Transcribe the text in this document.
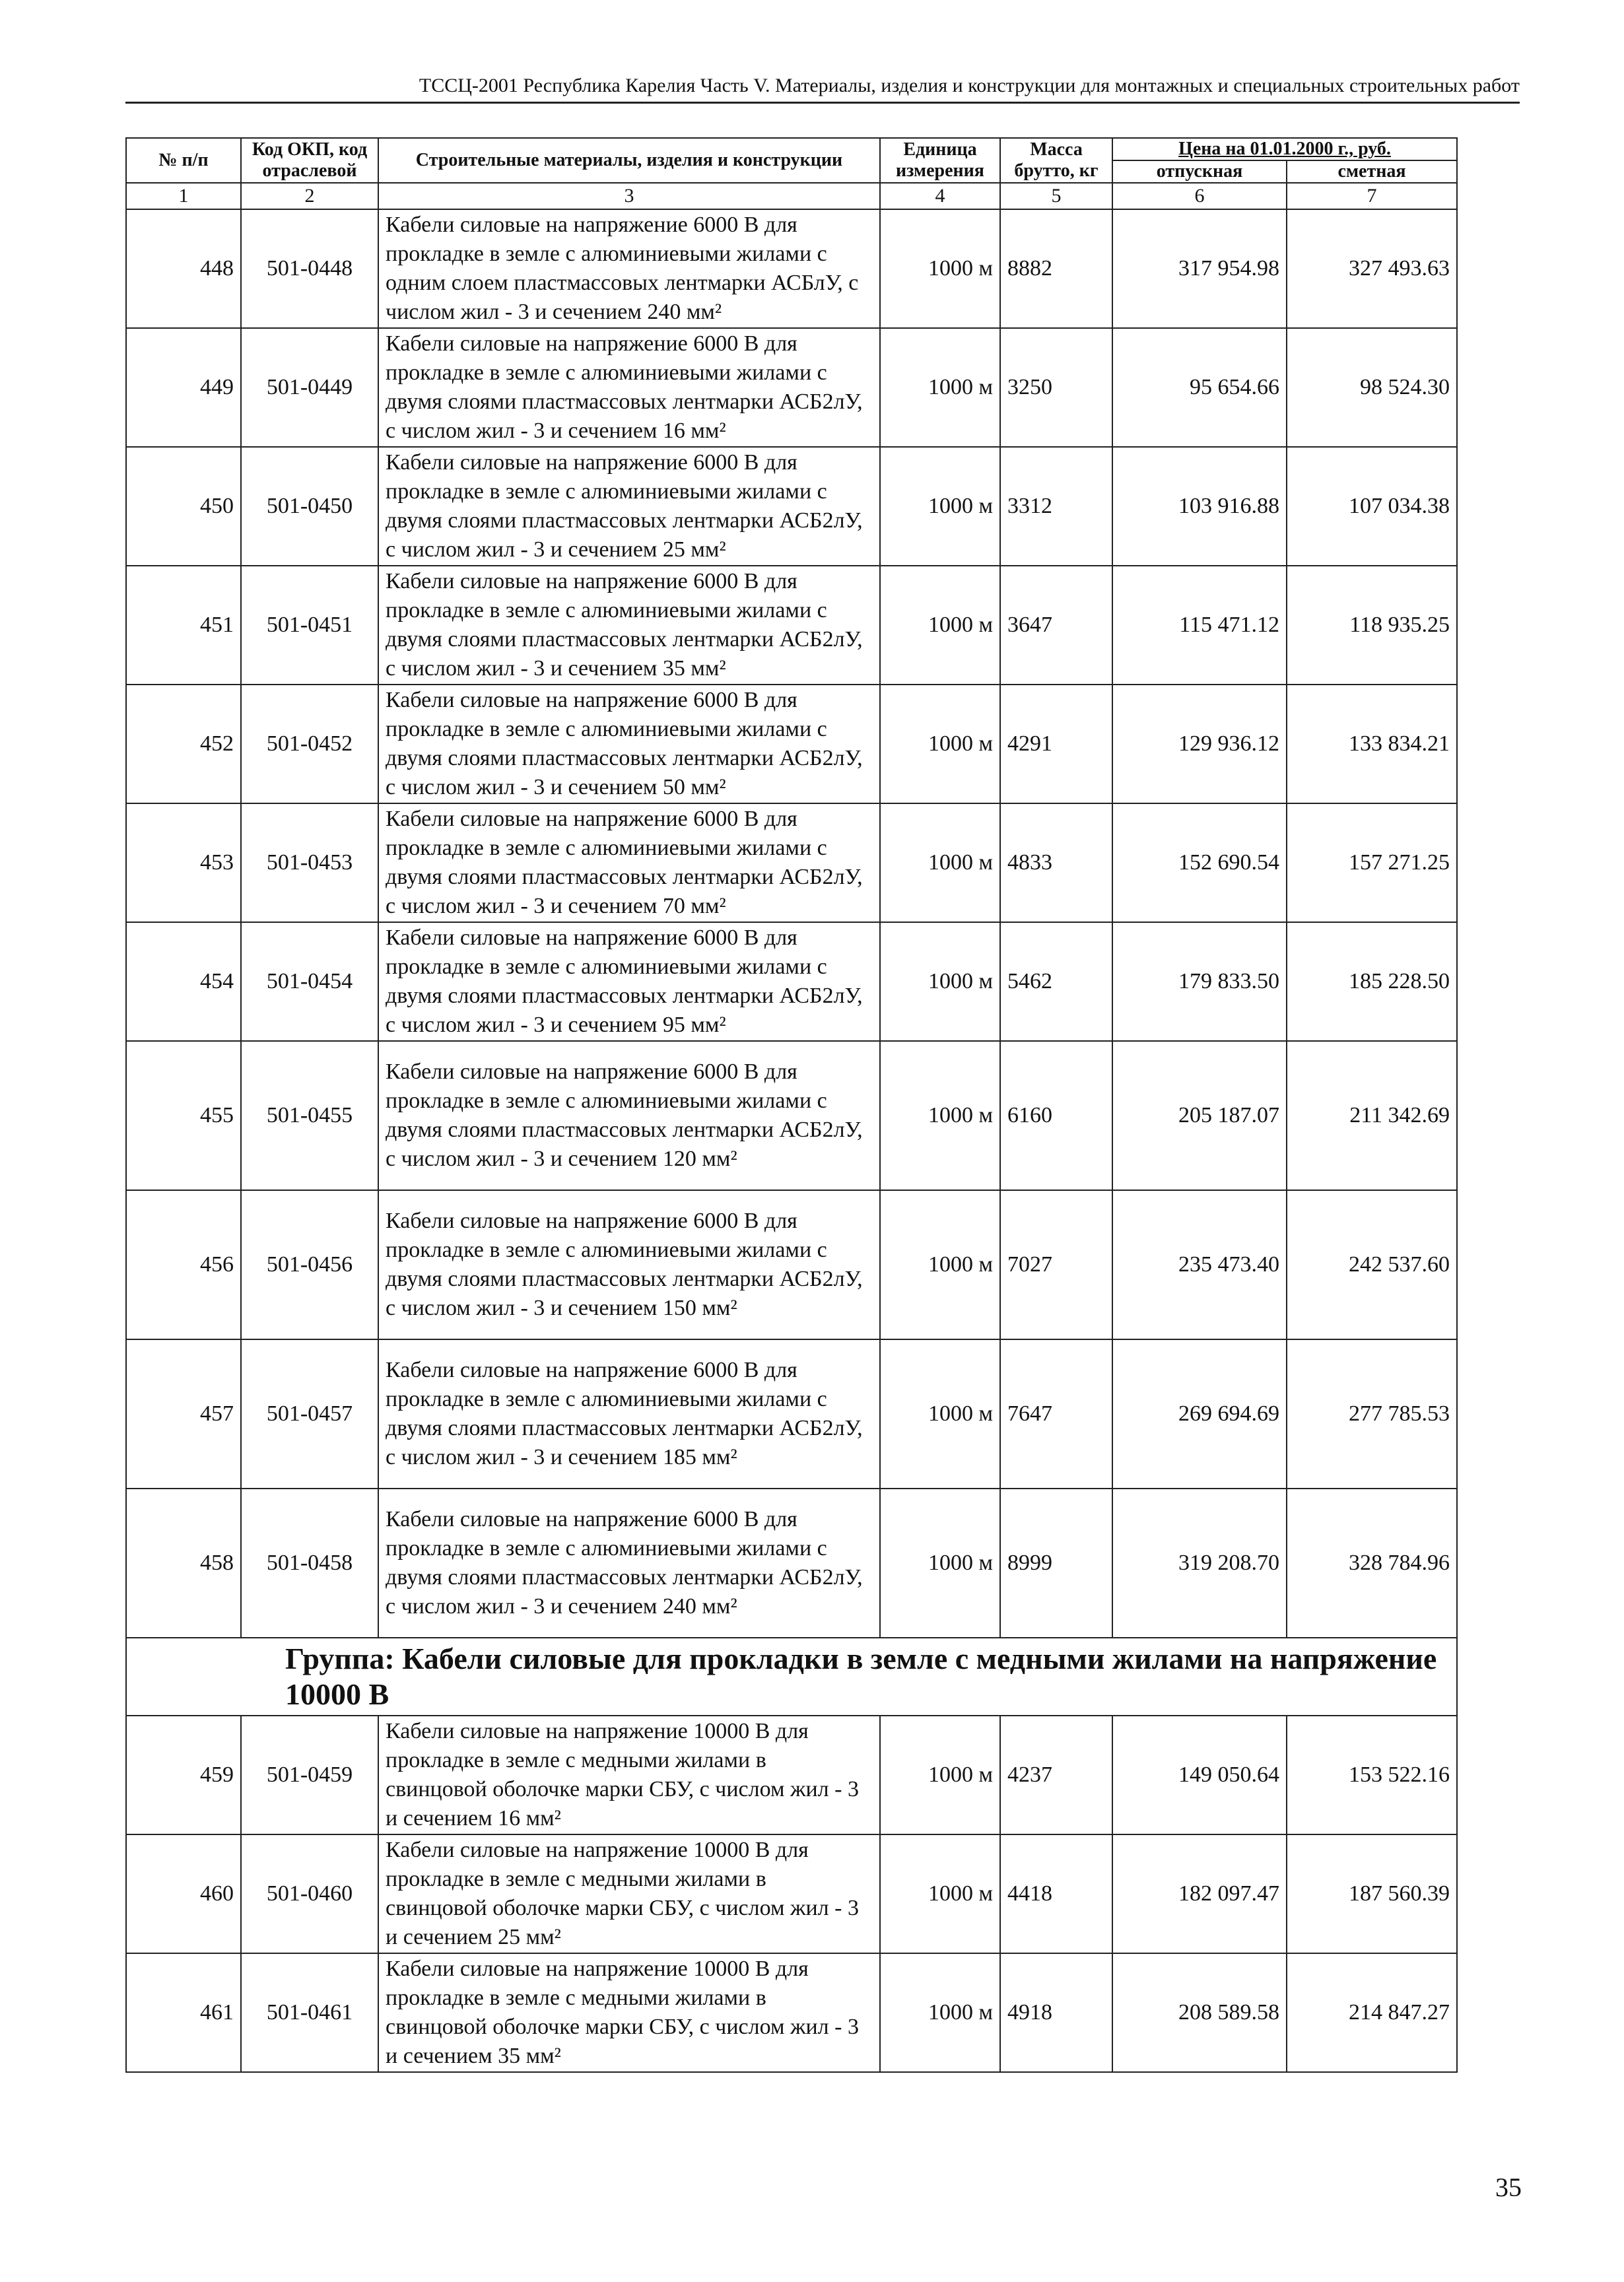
ТССЦ-2001 Республика Карелия Часть V. Материалы, изделия и конструкции для монтажных и специальных строительных работ
№ п/п	Код ОКП, код отраслевой	Строительные материалы, изделия и конструкции	Единица измерения	Масса брутто, кг	Цена на 01.01.2000 г., руб.	
					отпускная	сметная
1	2	3	4	5	6	7
448	501-0448	Кабели силовые на напряжение 6000 В для прокладке в земле с алюминиевыми жилами с одним слоем пластмассовых лентмарки АСБлУ, с числом жил - 3 и сечением 240 мм²	1000 м	8882	317 954.98	327 493.63
449	501-0449	Кабели силовые на напряжение 6000 В для прокладке в земле с алюминиевыми жилами с двумя слоями пластмассовых лентмарки АСБ2лУ, с числом жил - 3 и сечением 16 мм²	1000 м	3250	95 654.66	98 524.30
450	501-0450	Кабели силовые на напряжение 6000 В для прокладке в земле с алюминиевыми жилами с двумя слоями пластмассовых лентмарки АСБ2лУ, с числом жил - 3 и сечением 25 мм²	1000 м	3312	103 916.88	107 034.38
451	501-0451	Кабели силовые на напряжение 6000 В для прокладке в земле с алюминиевыми жилами с двумя слоями пластмассовых лентмарки АСБ2лУ, с числом жил - 3 и сечением 35 мм²	1000 м	3647	115 471.12	118 935.25
452	501-0452	Кабели силовые на напряжение 6000 В для прокладке в земле с алюминиевыми жилами с двумя слоями пластмассовых лентмарки АСБ2лУ, с числом жил - 3 и сечением 50 мм²	1000 м	4291	129 936.12	133 834.21
453	501-0453	Кабели силовые на напряжение 6000 В для прокладке в земле с алюминиевыми жилами с двумя слоями пластмассовых лентмарки АСБ2лУ, с числом жил - 3 и сечением 70 мм²	1000 м	4833	152 690.54	157 271.25
454	501-0454	Кабели силовые на напряжение 6000 В для прокладке в земле с алюминиевыми жилами с двумя слоями пластмассовых лентмарки АСБ2лУ, с числом жил - 3 и сечением 95 мм²	1000 м	5462	179 833.50	185 228.50
455	501-0455	Кабели силовые на напряжение 6000 В для прокладке в земле с алюминиевыми жилами с двумя слоями пластмассовых лентмарки АСБ2лУ, с числом жил - 3 и сечением 120 мм²	1000 м	6160	205 187.07	211 342.69
456	501-0456	Кабели силовые на напряжение 6000 В для прокладке в земле с алюминиевыми жилами с двумя слоями пластмассовых лентмарки АСБ2лУ, с числом жил - 3 и сечением 150 мм²	1000 м	7027	235 473.40	242 537.60
457	501-0457	Кабели силовые на напряжение 6000 В для прокладке в земле с алюминиевыми жилами с двумя слоями пластмассовых лентмарки АСБ2лУ, с числом жил - 3 и сечением 185 мм²	1000 м	7647	269 694.69	277 785.53
458	501-0458	Кабели силовые на напряжение 6000 В для прокладке в земле с алюминиевыми жилами с двумя слоями пластмассовых лентмарки АСБ2лУ, с числом жил - 3 и сечением 240 мм²	1000 м	8999	319 208.70	328 784.96
Группа: Кабели силовые для прокладки в земле с медными жилами на напряжение 10000 В						
459	501-0459	Кабели силовые на напряжение 10000 В для прокладке в земле с медными жилами в свинцовой оболочке марки СБУ, с числом жил - 3 и сечением 16 мм²	1000 м	4237	149 050.64	153 522.16
460	501-0460	Кабели силовые на напряжение 10000 В для прокладке в земле с медными жилами в свинцовой оболочке марки СБУ, с числом жил - 3 и сечением 25 мм²	1000 м	4418	182 097.47	187 560.39
461	501-0461	Кабели силовые на напряжение 10000 В для прокладке в земле с медными жилами в свинцовой оболочке марки СБУ, с числом жил - 3 и сечением 35 мм²	1000 м	4918	208 589.58	214 847.27
35
